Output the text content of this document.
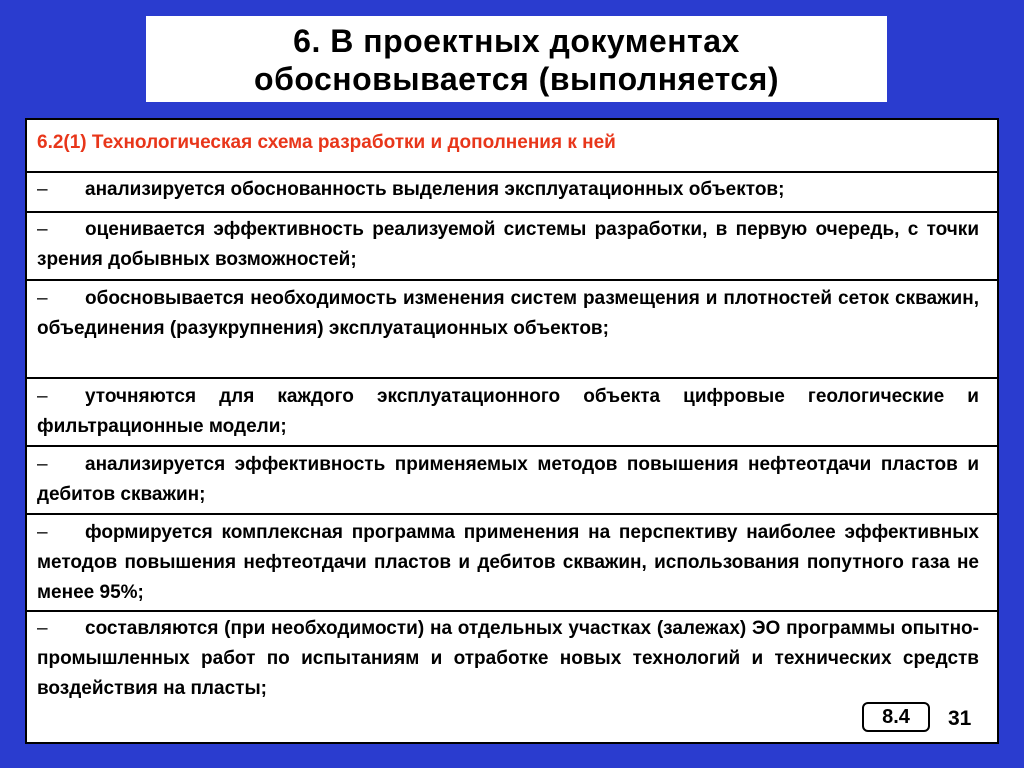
6. В проектных документах
обосновывается (выполняется)
6.2(1) Технологическая схема разработки и дополнения к ней
– анализируется обоснованность выделения эксплуатационных объектов;
– оценивается эффективность реализуемой системы разработки, в первую очередь, с точки зрения добывных возможностей;
– обосновывается необходимость изменения систем размещения и плотностей сеток скважин, объединения (разукрупнения) эксплуатационных объектов;
– уточняются для каждого эксплуатационного объекта цифровые геологические и фильтрационные модели;
– анализируется эффективность применяемых методов повышения нефтеотдачи пластов и дебитов скважин;
– формируется комплексная программа применения на перспективу наиболее эффективных методов повышения нефтеотдачи пластов и дебитов скважин, использования попутного газа не менее 95%;
– составляются (при необходимости) на отдельных участках (залежах) ЭО программы опытно-промышленных работ по испытаниям и отработке новых технологий и технических средств воздействия на пласты;
8.4	31
